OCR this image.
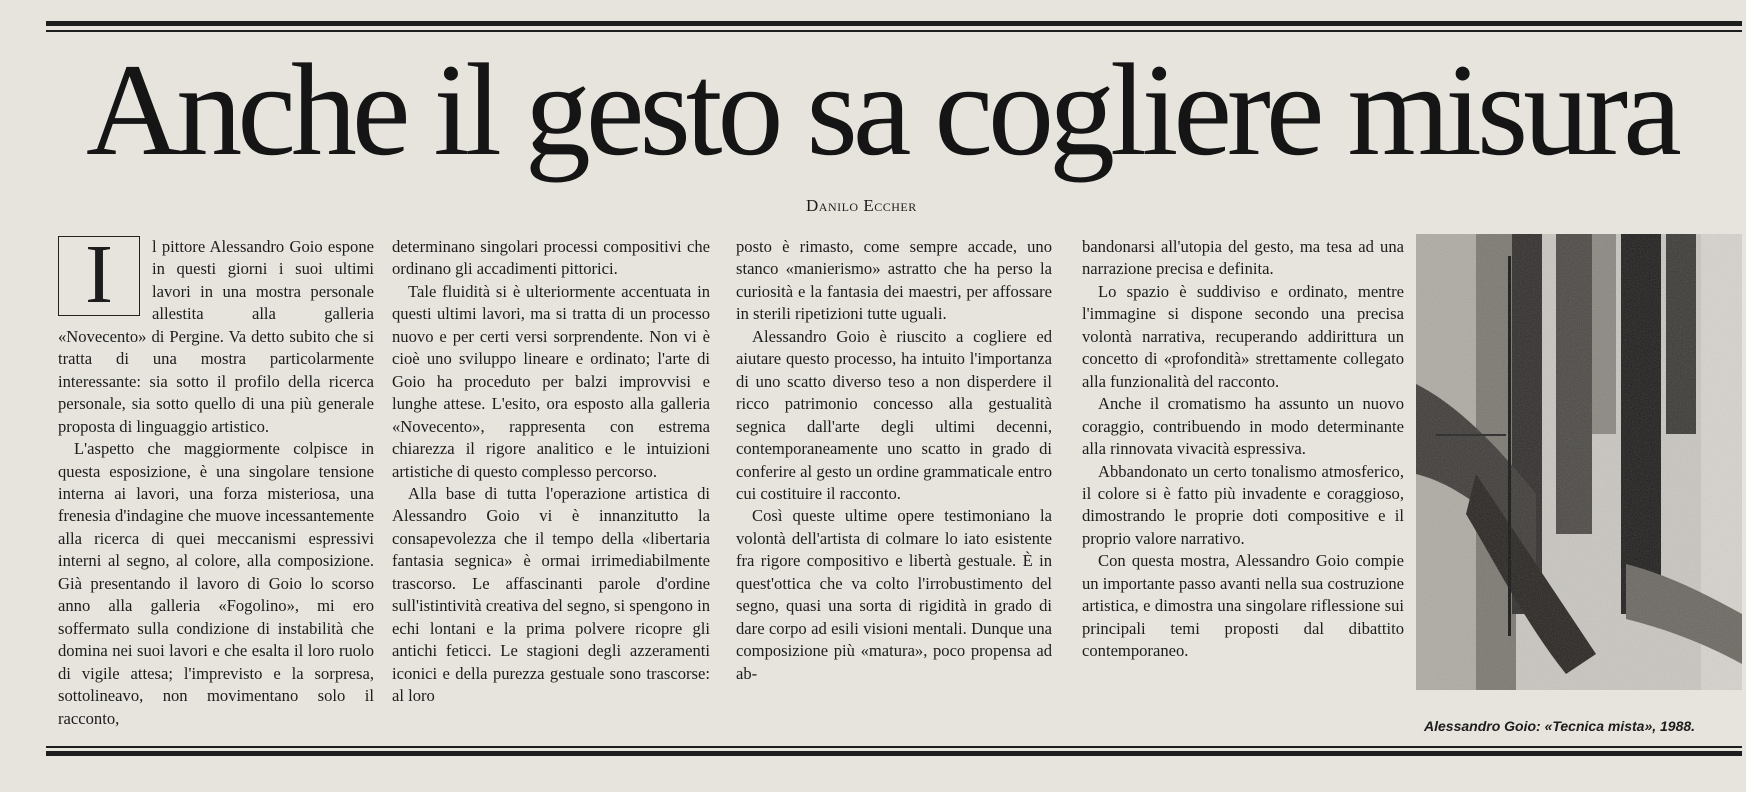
Anche il gesto sa cogliere misura
Danilo Eccher
I	l pittore Alessandro Goio espone in questi giorni i suoi ultimi lavori in una mostra personale allestita alla galleria «Novecento» di Pergine. Va detto subito che si tratta di una mostra particolarmente interessante: sia sotto il profilo della ricerca personale, sia sotto quello di una più generale proposta di linguaggio artistico.

L'aspetto che maggiormente colpisce in questa esposizione, è una singolare tensione interna ai lavori, una forza misteriosa, una frenesia d'indagine che muove incessantemente alla ricerca di quei meccanismi espressivi interni al segno, al colore, alla composizione. Già presentando il lavoro di Goio lo scorso anno alla galleria «Fogolino», mi ero soffermato sulla condizione di instabilità che domina nei suoi lavori e che esalta il loro ruolo di vigile attesa; l'imprevisto e la sorpresa, sottolineavo, non movimentano solo il racconto,

determinano singolari processi compositivi che ordinano gli accadimenti pittorici.

Tale fluidità si è ulteriormente accentuata in questi ultimi lavori, ma si tratta di un processo nuovo e per certi versi sorprendente. Non vi è cioè uno sviluppo lineare e ordinato; l'arte di Goio ha proceduto per balzi improvvisi e lunghe attese. L'esito, ora esposto alla galleria «Novecento», rappresenta con estrema chiarezza il rigore analitico e le intuizioni artistiche di questo complesso percorso.

Alla base di tutta l'operazione artistica di Alessandro Goio vi è innanzitutto la consapevolezza che il tempo della «libertaria fantasia segnica» è ormai irrimediabilmente trascorso. Le affascinanti parole d'ordine sull'istintività creativa del segno, si spengono in echi lontani e la prima polvere ricopre gli antichi feticci. Le stagioni degli azzeramenti iconici e della purezza gestuale sono trascorse: al loro

posto è rimasto, come sempre accade, uno stanco «manierismo» astratto che ha perso la curiosità e la fantasia dei maestri, per affossare in sterili ripetizioni tutte uguali.

Alessandro Goio è riuscito a cogliere ed aiutare questo processo, ha intuito l'importanza di uno scatto diverso teso a non disperdere il ricco patrimonio concesso alla gestualità segnica dall'arte degli ultimi decenni, contemporaneamente uno scatto in grado di conferire al gesto un ordine grammaticale entro cui costituire il racconto.

Così queste ultime opere testimoniano la volontà dell'artista di colmare lo iato esistente fra rigore compositivo e libertà gestuale. È in quest'ottica che va colto l'irrobustimento del segno, quasi una sorta di rigidità in grado di dare corpo ad esili visioni mentali. Dunque una composizione più «matura», poco propensa ad ab-

bandonarsi all'utopia del gesto, ma tesa ad una narrazione precisa e definita.

Lo spazio è suddiviso e ordinato, mentre l'immagine si dispone secondo una precisa volontà narrativa, recuperando addirittura un concetto di «profondità» strettamente collegato alla funzionalità del racconto.

Anche il cromatismo ha assunto un nuovo coraggio, contribuendo in modo determinante alla rinnovata vivacità espressiva.

Abbandonato un certo tonalismo atmosferico, il colore si è fatto più invadente e coraggioso, dimostrando le proprie doti compositive e il proprio valore narrativo.

Con questa mostra, Alessandro Goio compie un importante passo avanti nella sua costruzione artistica, e dimostra una singolare riflessione sui principali temi proposti dal dibattito contemporaneo.

Alessandro Goio: «Tecnica mista», 1988.
